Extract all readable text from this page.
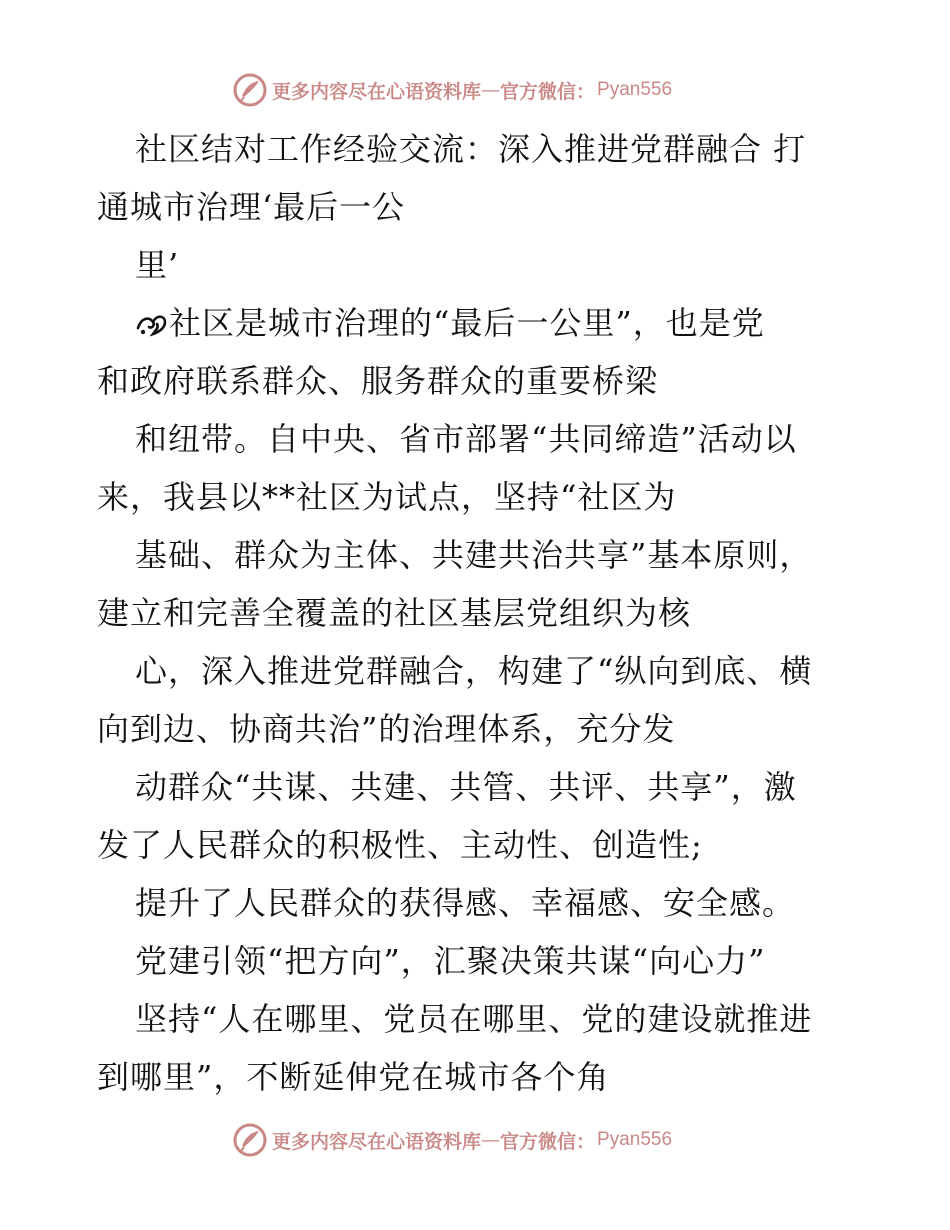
更多内容尽在心语资料库 — 官方微信： Pyan556
社区结对工作经验交流：深入推进党群融合 打
通城市治理‘最后一公
里’
社区是城市治理的“最后一公里”，也是党
和政府联系群众、服务群众的重要桥梁
和纽带。自中央、省市部署“共同缔造”活动以
来，我县以**社区为试点，坚持“社区为
基础、群众为主体、共建共治共享”基本原则，
建立和完善全覆盖的社区基层党组织为核
心，深入推进党群融合，构建了“纵向到底、横
向到边、协商共治”的治理体系，充分发
动群众“共谋、共建、共管、共评、共享”，激
发了人民群众的积极性、主动性、创造性;
提升了人民群众的获得感、幸福感、安全感。
党建引领“把方向”，汇聚决策共谋“向心力”
坚持“人在哪里、党员在哪里、党的建设就推进
到哪里”，不断延伸党在城市各个角
更多内容尽在心语资料库 — 官方微信： Pyan556
